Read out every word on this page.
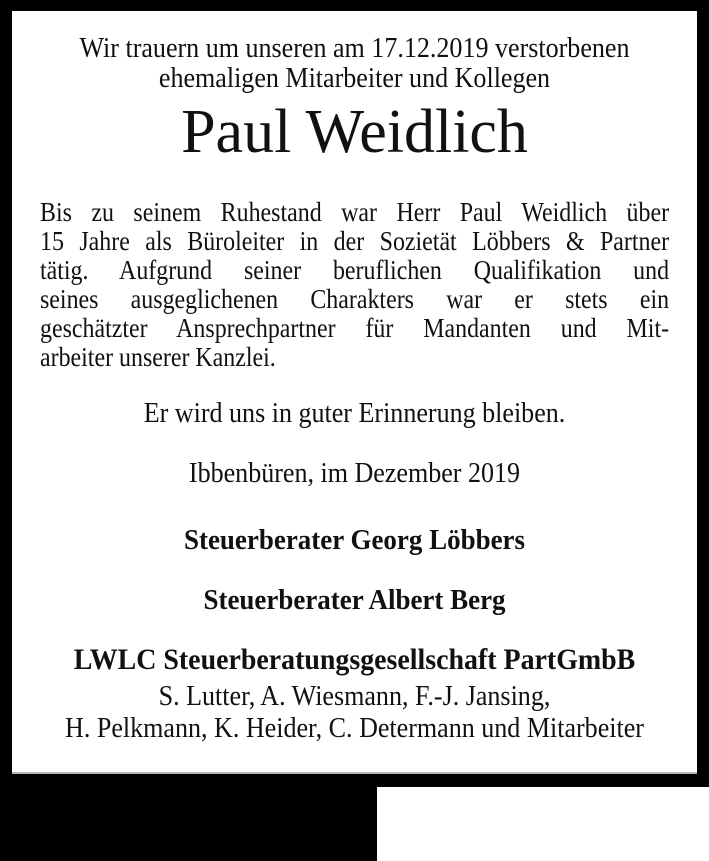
Wir trauern um unseren am 17.12.2019 verstorbenen
ehemaligen Mitarbeiter und Kollegen
Paul Weidlich
Bis zu seinem Ruhestand war Herr Paul Weidlich über
15 Jahre als Büroleiter in der Sozietät Löbbers & Partner
tätig. Aufgrund seiner beruflichen Qualifikation und
seines ausgeglichenen Charakters war er stets ein
geschätzter Ansprechpartner für Mandanten und Mit-
arbeiter unserer Kanzlei.
Er wird uns in guter Erinnerung bleiben.
Ibbenbüren, im Dezember 2019
Steuerberater Georg Löbbers
Steuerberater Albert Berg
LWLC Steuerberatungsgesellschaft PartGmbB
S. Lutter, A. Wiesmann, F.-J. Jansing,
H. Pelkmann, K. Heider, C. Determann und Mitarbeiter
